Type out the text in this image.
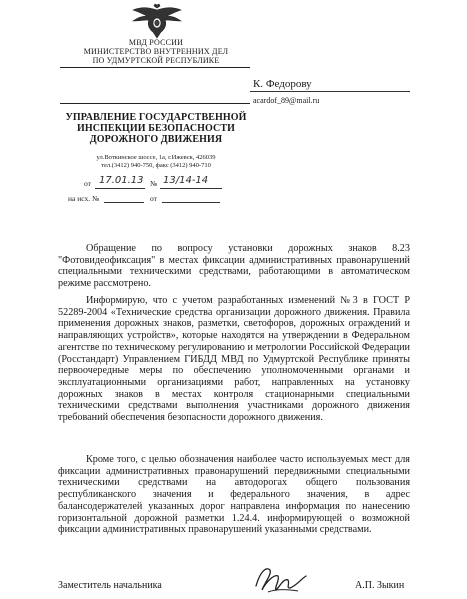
МВД РОССИИ
МИНИСТЕРСТВО ВНУТРЕННИХ ДЕЛ
ПО УДМУРТСКОЙ РЕСПУБЛИКЕ
УПРАВЛЕНИЕ ГОСУДАРСТВЕННОЙ
ИНСПЕКЦИИ БЕЗОПАСНОСТИ
ДОРОЖНОГО ДВИЖЕНИЯ
ул.Воткинское шоссе, 1а, г.Ижевск, 426039
тел.(3412) 940-750, факс (3412) 940-710
от 17.01.13 № 13/14-14
на исх. №	от
К. Федорову
acardof_89@mail.ru

Обращение по вопросу установки дорожных знаков 8.23 "Фотовидеофиксация" в местах фиксации административных правонарушений специальными техническими средствами, работающими в автоматическом режиме рассмотрено.

Информирую, что с учетом разработанных изменений №3 в ГОСТ Р 52289-2004 «Технические средства организации дорожного движения. Правила применения дорожных знаков, разметки, светофоров, дорожных ограждений и направляющих устройств», которые находятся на утверждении в Федеральном агентстве по техническому регулированию и метрологии Российской Федерации (Росстандарт) Управлением ГИБДД МВД по Удмуртской Республике приняты первоочередные меры по обеспечению уполномоченными органами и эксплуатационными организациями работ, направленных на установку дорожных знаков в местах контроля стационарными специальными техническими средствами выполнения участниками дорожного движения требований обеспечения безопасности дорожного движения.

Кроме того, с целью обозначения наиболее часто используемых мест для фиксации административных правонарушений передвижными специальными техническими средствами на автодорогах общего пользования республиканского значения и федерального значения, в адрес балансодержателей указанных дорог направлена информация по нанесению горизонтальной дорожной разметки 1.24.4. информирующей о возможной фиксации административных правонарушений указанными средствами.

Заместитель начальника	А.П. Зыкин
